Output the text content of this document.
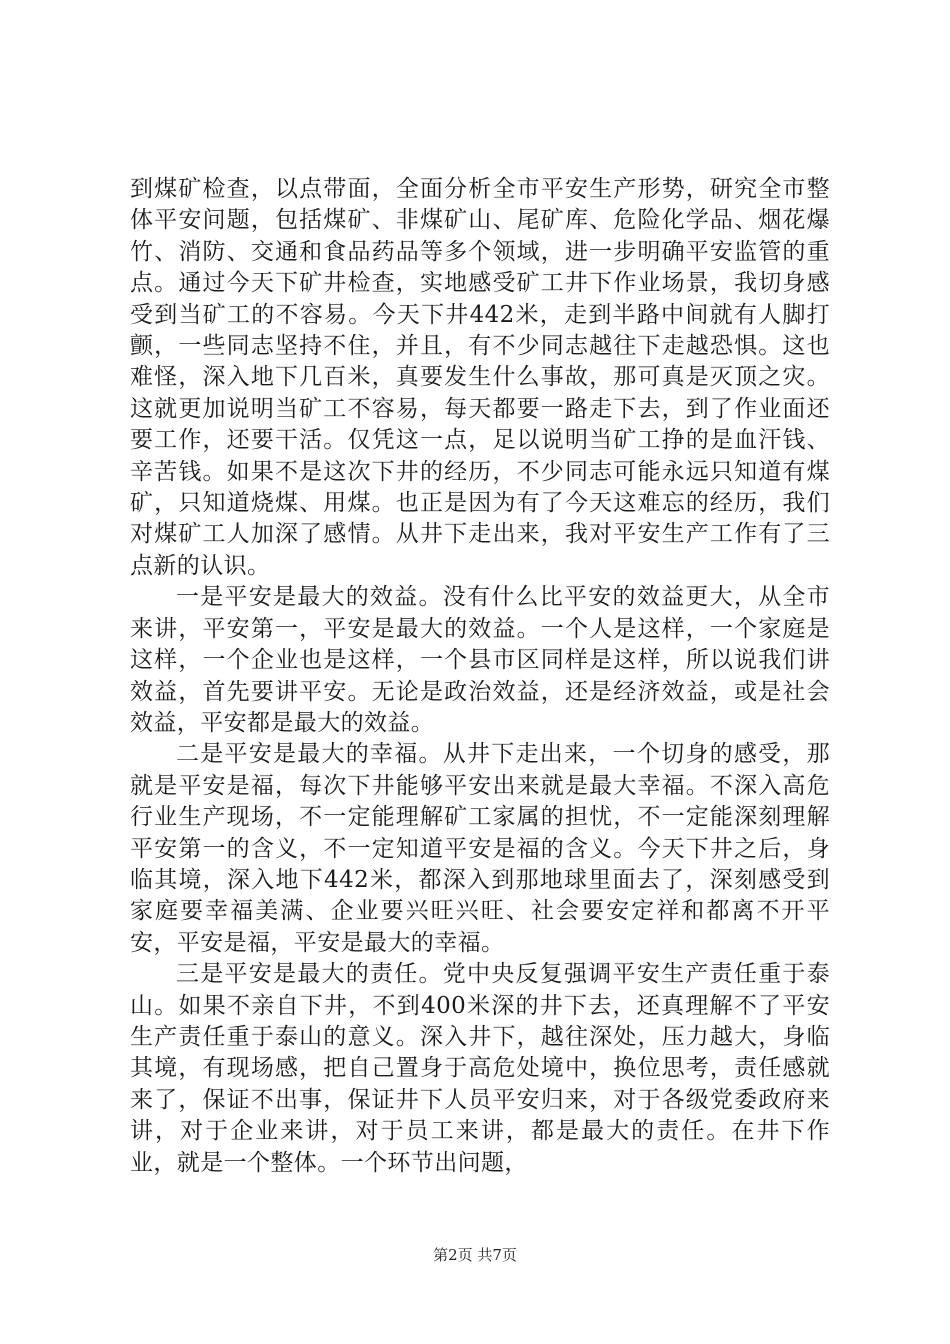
到煤矿检查，以点带面，全面分析全市平安生产形势，研究全市整体平安问题，包括煤矿、非煤矿山、尾矿库、危险化学品、烟花爆竹、消防、交通和食品药品等多个领域，进一步明确平安监管的重点。通过今天下矿井检查，实地感受矿工井下作业场景，我切身感受到当矿工的不容易。今天下井442米，走到半路中间就有人脚打颤，一些同志坚持不住，并且，有不少同志越往下走越恐惧。这也难怪，深入地下几百米，真要发生什么事故，那可真是灭顶之灾。这就更加说明当矿工不容易，每天都要一路走下去，到了作业面还要工作，还要干活。仅凭这一点，足以说明当矿工挣的是血汗钱、辛苦钱。如果不是这次下井的经历，不少同志可能永远只知道有煤矿，只知道烧煤、用煤。也正是因为有了今天这难忘的经历，我们对煤矿工人加深了感情。从井下走出来，我对平安生产工作有了三点新的认识。

一是平安是最大的效益。没有什么比平安的效益更大，从全市来讲，平安第一，平安是最大的效益。一个人是这样，一个家庭是这样，一个企业也是这样，一个县市区同样是这样，所以说我们讲效益，首先要讲平安。无论是政治效益，还是经济效益，或是社会效益，平安都是最大的效益。

二是平安是最大的幸福。从井下走出来，一个切身的感受，那就是平安是福，每次下井能够平安出来就是最大幸福。不深入高危行业生产现场，不一定能理解矿工家属的担忧，不一定能深刻理解平安第一的含义，不一定知道平安是福的含义。今天下井之后，身临其境，深入地下442米，都深入到那地球里面去了，深刻感受到家庭要幸福美满、企业要兴旺兴旺、社会要安定祥和都离不开平安，平安是福，平安是最大的幸福。

三是平安是最大的责任。党中央反复强调平安生产责任重于泰山。如果不亲自下井，不到400米深的井下去，还真理解不了平安生产责任重于泰山的意义。深入井下，越往深处，压力越大，身临其境，有现场感，把自己置身于高危处境中，换位思考，责任感就来了，保证不出事，保证井下人员平安归来，对于各级党委政府来讲，对于企业来讲，对于员工来讲，都是最大的责任。在井下作业，就是一个整体。一个环节出问题，

第2页 共7页
